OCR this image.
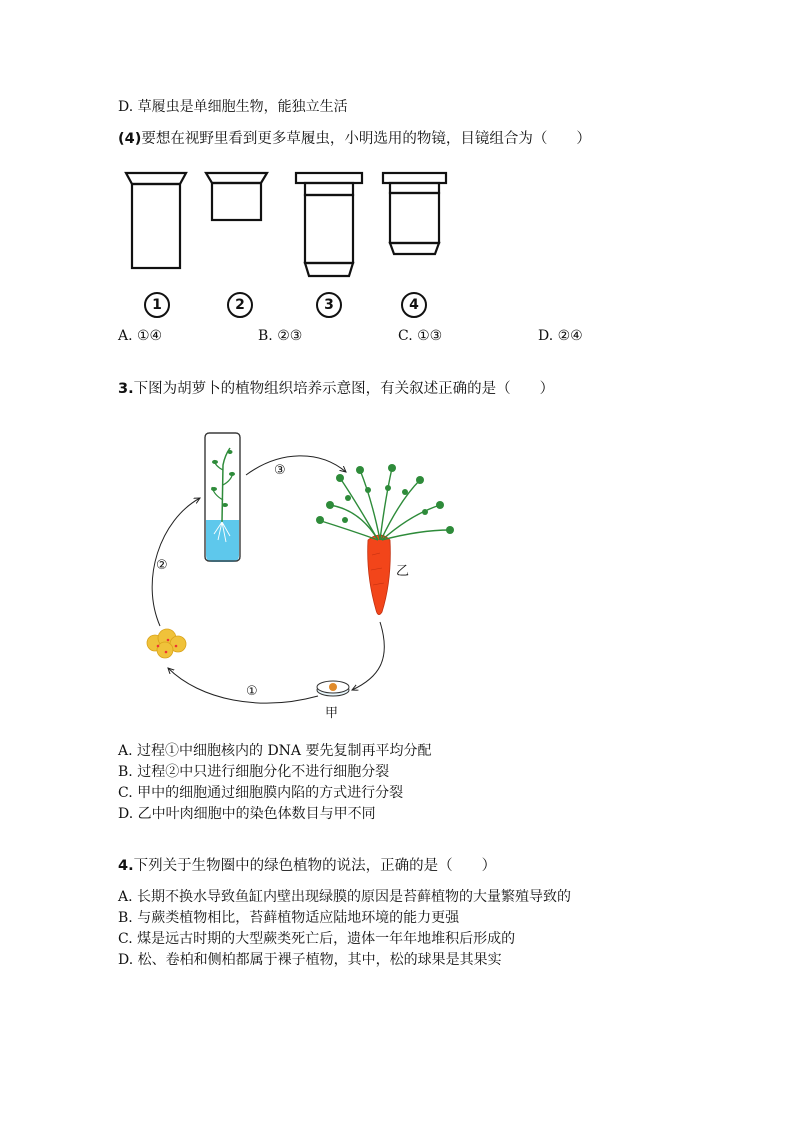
D. 草履虫是单细胞生物，能独立生活
(4)要想在视野里看到更多草履虫，小明选用的物镜，目镜组合为（　　）
1	2	3	4
A. ①④	B. ②③	C. ①③	D. ②④
3.下图为胡萝卜的植物组织培养示意图，有关叙述正确的是（　　）
③
②
①
甲
乙
A. 过程①中细胞核内的 DNA 要先复制再平均分配
B. 过程②中只进行细胞分化不进行细胞分裂
C. 甲中的细胞通过细胞膜内陷的方式进行分裂
D. 乙中叶肉细胞中的染色体数目与甲不同
4.下列关于生物圈中的绿色植物的说法，正确的是（　　）
A. 长期不换水导致鱼缸内壁出现绿膜的原因是苔藓植物的大量繁殖导致的
B. 与蕨类植物相比，苔藓植物适应陆地环境的能力更强
C. 煤是远古时期的大型蕨类死亡后，遗体一年年地堆积后形成的
D. 松、卷柏和侧柏都属于裸子植物，其中，松的球果是其果实
